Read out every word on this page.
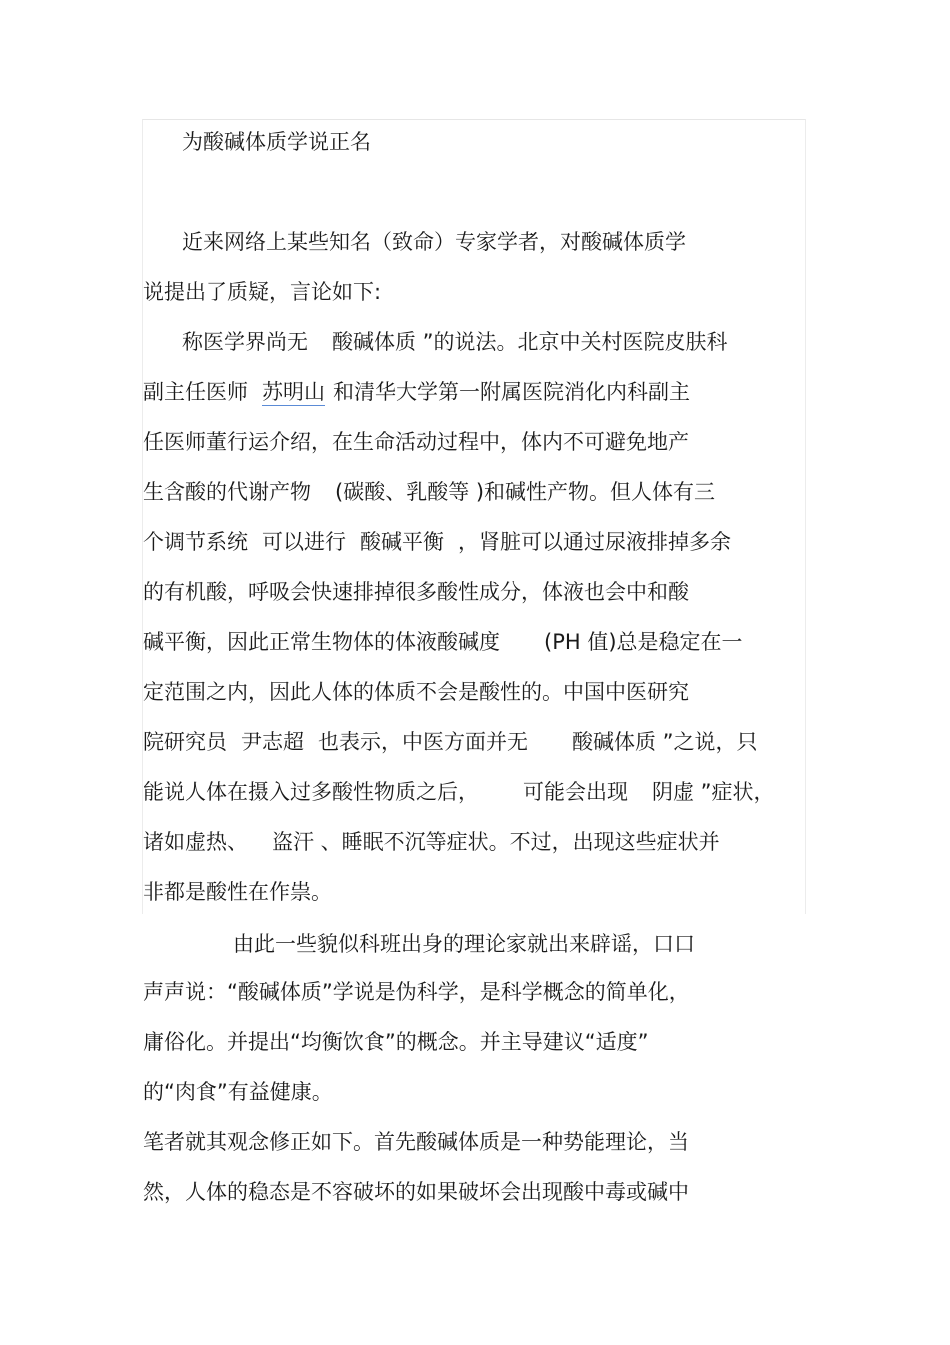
为酸碱体质学说正名
近来网络上某些知名（致命）专家学者，对酸碱体质学
说提出了质疑，言论如下:
称医学界尚无 酸碱体质 ”的说法。北京中关村医院皮肤科
副主任医师 苏明山 和清华大学第一附属医院消化内科副主
任医师董行运介绍，在生命活动过程中，体内不可避免地产
生含酸的代谢产物 (碳酸、乳酸等 )和碱性产物。但人体有三
个调节系统 可以进行 酸碱平衡 ，肾脏可以通过尿液排掉多余
的有机酸，呼吸会快速排掉很多酸性成分，体液也会中和酸
碱平衡，因此正常生物体的体液酸碱度 (PH 值)总是稳定在一
定范围之内，因此人体的体质不会是酸性的。中国中医研究
院研究员 尹志超 也表示，中医方面并无 酸碱体质 ”之说，只
能说人体在摄入过多酸性物质之后， 可能会出现 阴虚 ”症状，
诸如虚热、 盗汗 、睡眠不沉等症状。不过，出现这些症状并
非都是酸性在作祟。
由此一些貌似科班出身的理论家就出来辟谣，口口
声声说：“酸碱体质”学说是伪科学，是科学概念的简单化，
庸俗化。并提出“均衡饮食”的概念。并主导建议“适度”
的“肉食”有益健康。
笔者就其观念修正如下。首先酸碱体质是一种势能理论，当
然，人体的稳态是不容破坏的如果破坏会出现酸中毒或碱中
